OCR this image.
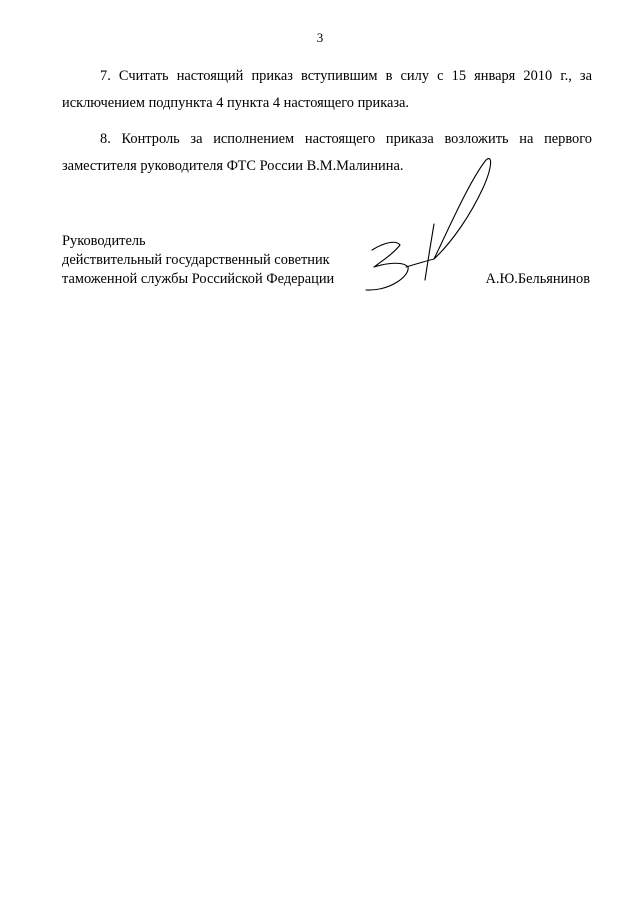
3

7. Считать настоящий приказ вступившим в силу с 15 января 2010 г., за исключением подпункта 4 пункта 4 настоящего приказа.

8. Контроль за исполнением настоящего приказа возложить на первого заместителя руководителя ФТС России В.М.Малинина.

Руководитель
действительный государственный советник
таможенной службы Российской Федерации	А.Ю.Бельянинов
